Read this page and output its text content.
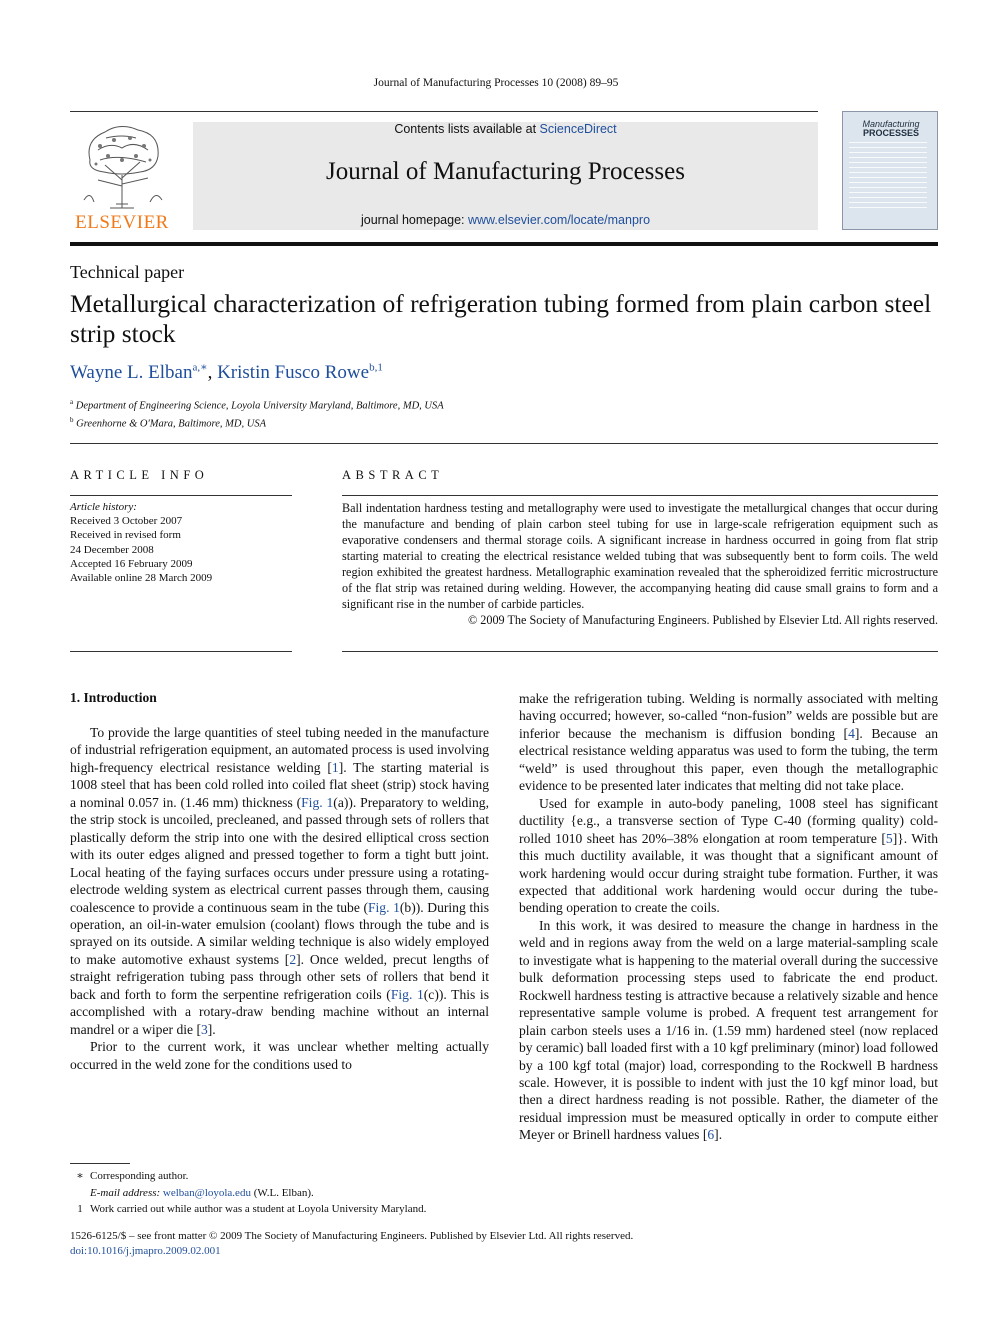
Journal of Manufacturing Processes 10 (2008) 89–95
ELSEVIER
Contents lists available at ScienceDirect
Journal of Manufacturing Processes
journal homepage: www.elsevier.com/locate/manpro
Manufacturing
PROCESSES
Technical paper
Metallurgical characterization of refrigeration tubing formed from plain carbon steel strip stock
Wayne L. Elban$^{a,∗}$, Kristin Fusco Rowe$^{b,1}$
$^a$ Department of Engineering Science, Loyola University Maryland, Baltimore, MD, USA
$^b$ Greenhorne & O'Mara, Baltimore, MD, USA
ARTICLE INFO	ABSTRACT
Article history:
Received 3 October 2007
Received in revised form
24 December 2008
Accepted 16 February 2009
Available online 28 March 2009
Ball indentation hardness testing and metallography were used to investigate the metallurgical changes that occur during the manufacture and bending of plain carbon steel tubing for use in large-scale refrigeration equipment such as evaporative condensers and thermal storage coils. A significant increase in hardness occurred in going from flat strip starting material to creating the electrical resistance welded tubing that was subsequently bent to form coils. The weld region exhibited the greatest hardness. Metallographic examination revealed that the spheroidized ferritic microstructure of the flat strip was retained during welding. However, the accompanying heating did cause small grains to form and a significant rise in the number of carbide particles.
© 2009 The Society of Manufacturing Engineers. Published by Elsevier Ltd. All rights reserved.
1. Introduction

To provide the large quantities of steel tubing needed in the manufacture of industrial refrigeration equipment, an automated process is used involving high-frequency electrical resistance welding [1]. The starting material is 1008 steel that has been cold rolled into coiled flat sheet (strip) stock having a nominal 0.057 in. (1.46 mm) thickness (Fig. 1(a)). Preparatory to welding, the strip stock is uncoiled, precleaned, and passed through sets of rollers that plastically deform the strip into one with the desired elliptical cross section with its outer edges aligned and pressed together to form a tight butt joint. Local heating of the faying surfaces occurs under pressure using a rotating-electrode welding system as electrical current passes through them, causing coalescence to provide a continuous seam in the tube (Fig. 1(b)). During this operation, an oil-in-water emulsion (coolant) flows through the tube and is sprayed on its outside. A similar welding technique is also widely employed to make automotive exhaust systems [2]. Once welded, precut lengths of straight refrigeration tubing pass through other sets of rollers that bend it back and forth to form the serpentine refrigeration coils (Fig. 1(c)). This is accomplished with a rotary-draw bending machine without an internal mandrel or a wiper die [3].

Prior to the current work, it was unclear whether melting actually occurred in the weld zone for the conditions used to

make the refrigeration tubing. Welding is normally associated with melting having occurred; however, so-called “non-fusion” welds are possible but are inferior because the mechanism is diffusion bonding [4]. Because an electrical resistance welding apparatus was used to form the tubing, the term “weld” is used throughout this paper, even though the metallographic evidence to be presented later indicates that melting did not take place.

Used for example in auto-body paneling, 1008 steel has significant ductility {e.g., a transverse section of Type C-40 (forming quality) cold-rolled 1010 sheet has 20%–38% elongation at room temperature [5]}. With this much ductility available, it was thought that a significant amount of work hardening would occur during straight tube formation. Further, it was expected that additional work hardening would occur during the tube-bending operation to create the coils.

In this work, it was desired to measure the change in hardness in the weld and in regions away from the weld on a large material-sampling scale to investigate what is happening to the material overall during the successive bulk deformation processing steps used to fabricate the end product. Rockwell hardness testing is attractive because a relatively sizable and hence representative sample volume is probed. A frequent test arrangement for plain carbon steels uses a 1/16 in. (1.59 mm) hardened steel (now replaced by ceramic) ball loaded first with a 10 kgf preliminary (minor) load followed by a 100 kgf total (major) load, corresponding to the Rockwell B hardness scale. However, it is possible to indent with just the 10 kgf minor load, but then a direct hardness reading is not possible. Rather, the diameter of the residual impression must be measured optically in order to compute either Meyer or Brinell hardness values [6].

∗ Corresponding author.
E-mail address: welban@loyola.edu (W.L. Elban).
1 Work carried out while author was a student at Loyola University Maryland.
1526-6125/$ – see front matter © 2009 The Society of Manufacturing Engineers. Published by Elsevier Ltd. All rights reserved.
doi:10.1016/j.jmapro.2009.02.001
